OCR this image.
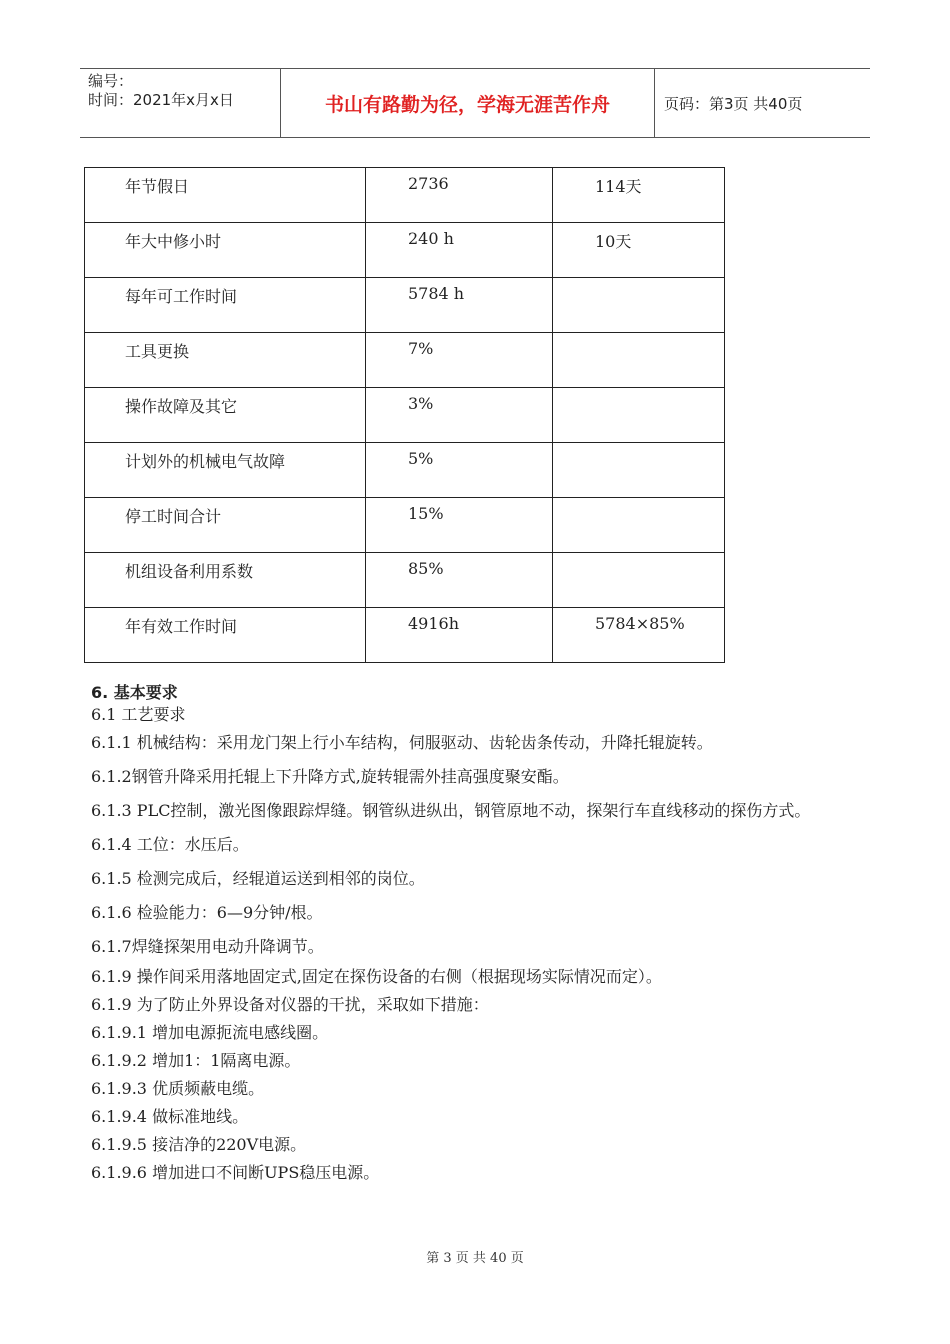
编号：
时间：2021年x月x日	书山有路勤为径，学海无涯苦作舟	页码：第3页 共40页
年节假日	2736	114天
年大中修小时	240 h	10天
每年可工作时间	5784 h	
工具更换	7%	
操作故障及其它	3%	
计划外的机械电气故障	5%	
停工时间合计	15%	
机组设备利用系数	85%	
年有效工作时间	4916h	5784×85%
6. 基本要求
6.1 工艺要求
6.1.1 机械结构：采用龙门架上行小车结构，伺服驱动、齿轮齿条传动，升降托辊旋转。
6.1.2钢管升降采用托辊上下升降方式,旋转辊需外挂高强度聚安酯。
6.1.3 PLC控制，激光图像跟踪焊缝。钢管纵进纵出，钢管原地不动，探架行车直线移动的探伤方式。
6.1.4 工位：水压后。
6.1.5 检测完成后，经辊道运送到相邻的岗位。
6.1.6 检验能力：6—9分钟/根。
6.1.7焊缝探架用电动升降调节。
6.1.9 操作间采用落地固定式,固定在探伤设备的右侧（根据现场实际情况而定）。
6.1.9 为了防止外界设备对仪器的干扰，采取如下措施：
6.1.9.1 增加电源扼流电感线圈。
6.1.9.2 增加1：1隔离电源。
6.1.9.3 优质频蔽电缆。
6.1.9.4 做标准地线。
6.1.9.5 接洁净的220V电源。
6.1.9.6 增加进口不间断UPS稳压电源。
第 3 页 共 40 页
